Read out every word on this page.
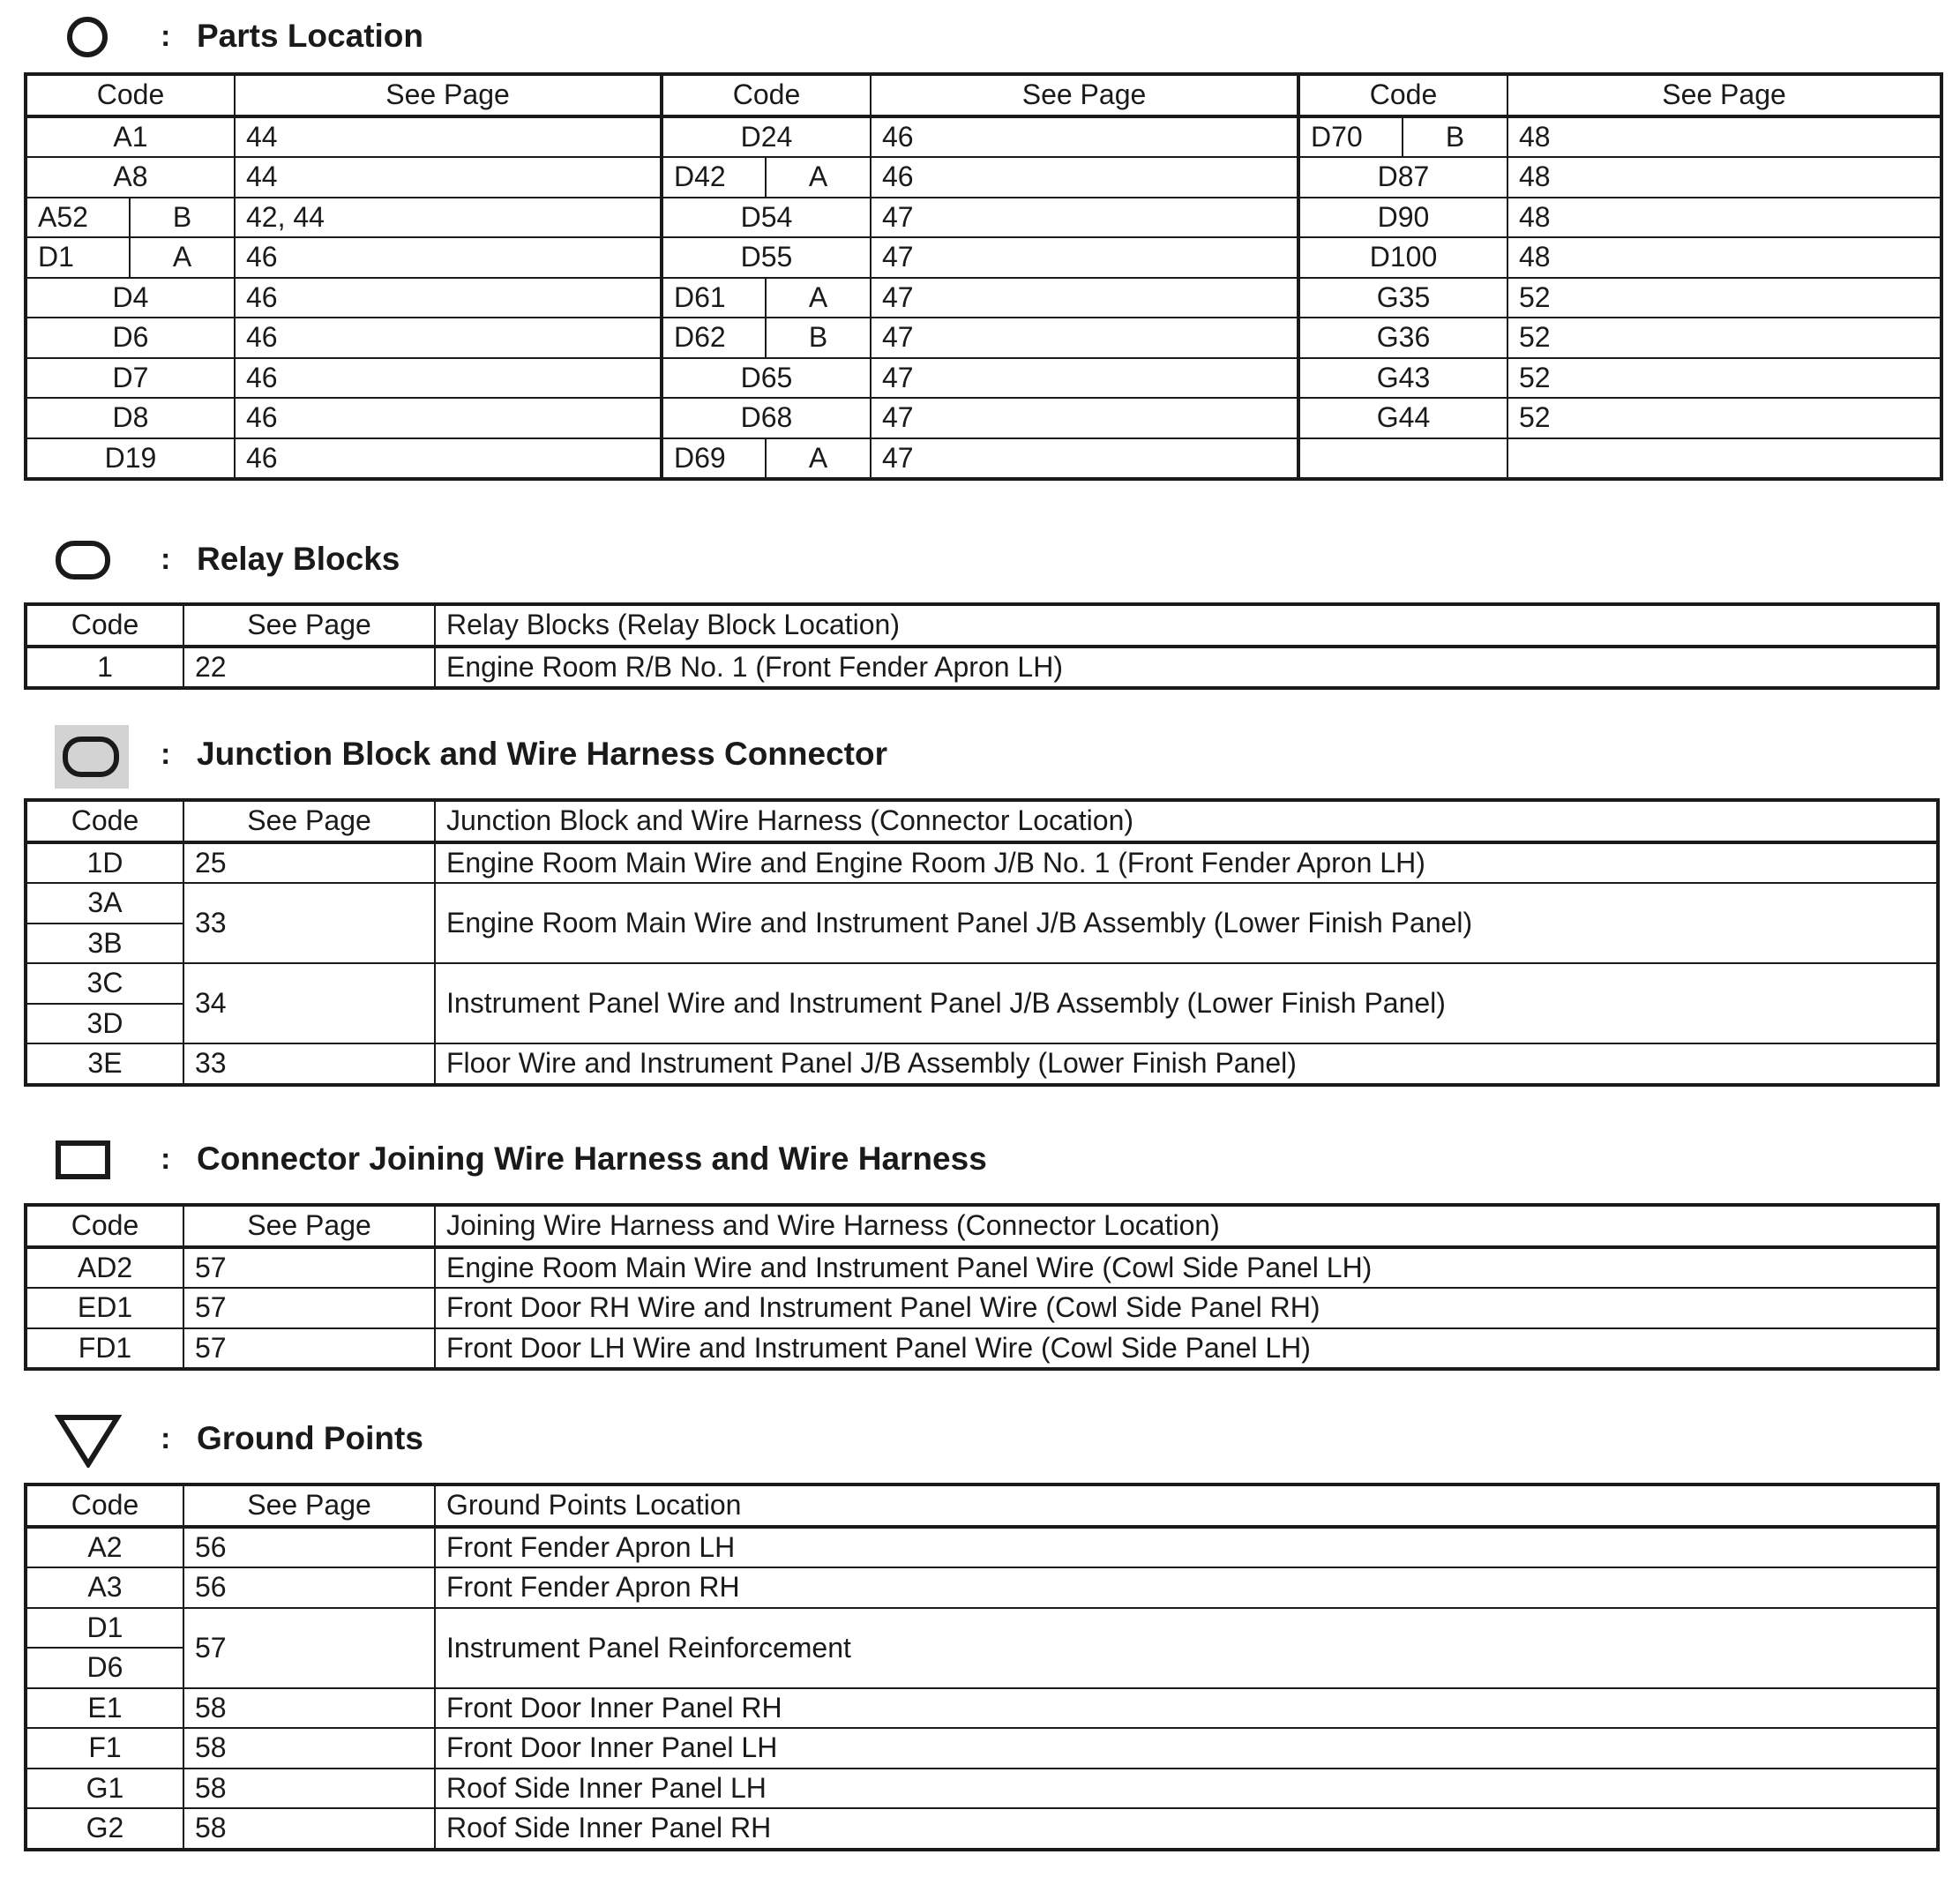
: Parts Location
Code		See Page	Code		See Page	Code		See Page
A1		44	D24		46	D70	B	48
A8		44	D42	A	46	D87		48
A52	B	42, 44	D54		47	D90		48
D1	A	46	D55		47	D100		48
D4		46	D61	A	47	G35		52
D6		46	D62	B	47	G36		52
D7		46	D65		47	G43		52
D8		46	D68		47	G44		52
D19		46	D69	A	47			
: Relay Blocks
Code	See Page	Relay Blocks (Relay Block Location)
1	22	Engine Room R/B No. 1 (Front Fender Apron LH)
: Junction Block and Wire Harness Connector
Code	See Page	Junction Block and Wire Harness (Connector Location)
1D	25	Engine Room Main Wire and Engine Room J/B No. 1 (Front Fender Apron LH)
3A	33	Engine Room Main Wire and Instrument Panel J/B Assembly (Lower Finish Panel)
3B		
3C	34	Instrument Panel Wire and Instrument Panel J/B Assembly (Lower Finish Panel)
3D		
3E	33	Floor Wire and Instrument Panel J/B Assembly (Lower Finish Panel)
: Connector Joining Wire Harness and Wire Harness
Code	See Page	Joining Wire Harness and Wire Harness (Connector Location)
AD2	57	Engine Room Main Wire and Instrument Panel Wire (Cowl Side Panel LH)
ED1	57	Front Door RH Wire and Instrument Panel Wire (Cowl Side Panel RH)
FD1	57	Front Door LH Wire and Instrument Panel Wire (Cowl Side Panel LH)
: Ground Points
Code	See Page	Ground Points Location
A2	56	Front Fender Apron LH
A3	56	Front Fender Apron RH
D1	57	Instrument Panel Reinforcement
D6		
E1	58	Front Door Inner Panel RH
F1	58	Front Door Inner Panel LH
G1	58	Roof Side Inner Panel LH
G2	58	Roof Side Inner Panel RH
